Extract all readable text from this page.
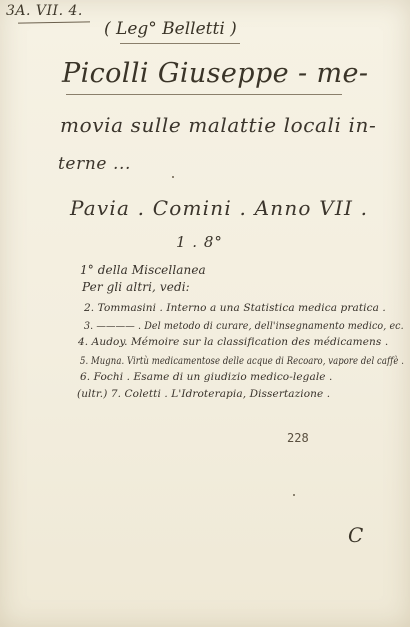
3A. VII. 4.
( Leg° Belletti )
Picolli Giuseppe - me-
movia sulle malattie locali in-
terne ...
Pavia . Comini . Anno VII .
1 . 8°
1° della Miscellanea
Per gli altri, vedi:
2. Tommasini . Interno a una Statistica medica pratica .
3. ———— . Del metodo di curare, dell'insegnamento medico, ec.
4. Audoy. Mémoire sur la classification des médicamens .
5. Mugna. Virtù medicamentose delle acque di Recoaro, vapore del caffè .
6. Fochi . Esame di un giudizio medico-legale .
(ultr.) 7. Coletti . L'Idroterapia, Dissertazione .
228
C
